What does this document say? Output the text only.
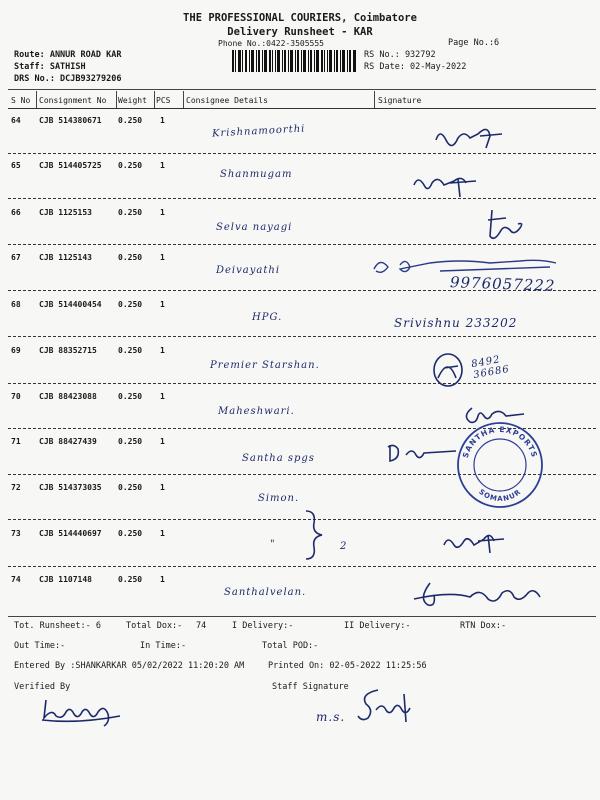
THE PROFESSIONAL COURIERS, Coimbatore
Delivery Runsheet - KAR
Phone No.:0422-3505555	Page No.:6
Route: ANNUR ROAD KAR
Staff: SATHISH
DRS No.: DCJB93279206
RS No.: 932792
RS Date: 02-May-2022
S No Consignment No Weight PCS Consignee Details	Signature
64 CJB 514380671 0.250 1
Krishnamoorthi
65 CJB 514405725 0.250 1
Shanmugam
66 CJB 1125153	0.250 1
Selva nayagi
67 CJB 1125143	0.250 1
Deivayathi
9976057222
68 CJB 514400454 0.250 1
HPG.	Srivishnu 233202
69 CJB 88352715	0.250 1
Premier Starshan.	8492 36686
70 CJB 88423088	0.250 1
Maheshwari.
71 CJB 88427439	0.250 1
Santha spgs
72 CJB 514373035 0.250 1
Simon.
73 CJB 514440697 0.250 1
"	2
74 CJB 1107148	0.250 1
Santhalvelan.
SANTHA EXPORTS
SOMANUR
Tot. Runsheet:- 6	Total Dox:- 74	I Delivery:-	II Delivery:-	RTN Dox:-
Out Time:-	In Time:-	Total POD:-
Entered By :SHANKARKAR 05/02/2022 11:20:20 AM	Printed On: 02-05-2022 11:25:56
Verified By	Staff Signature
m.s.
